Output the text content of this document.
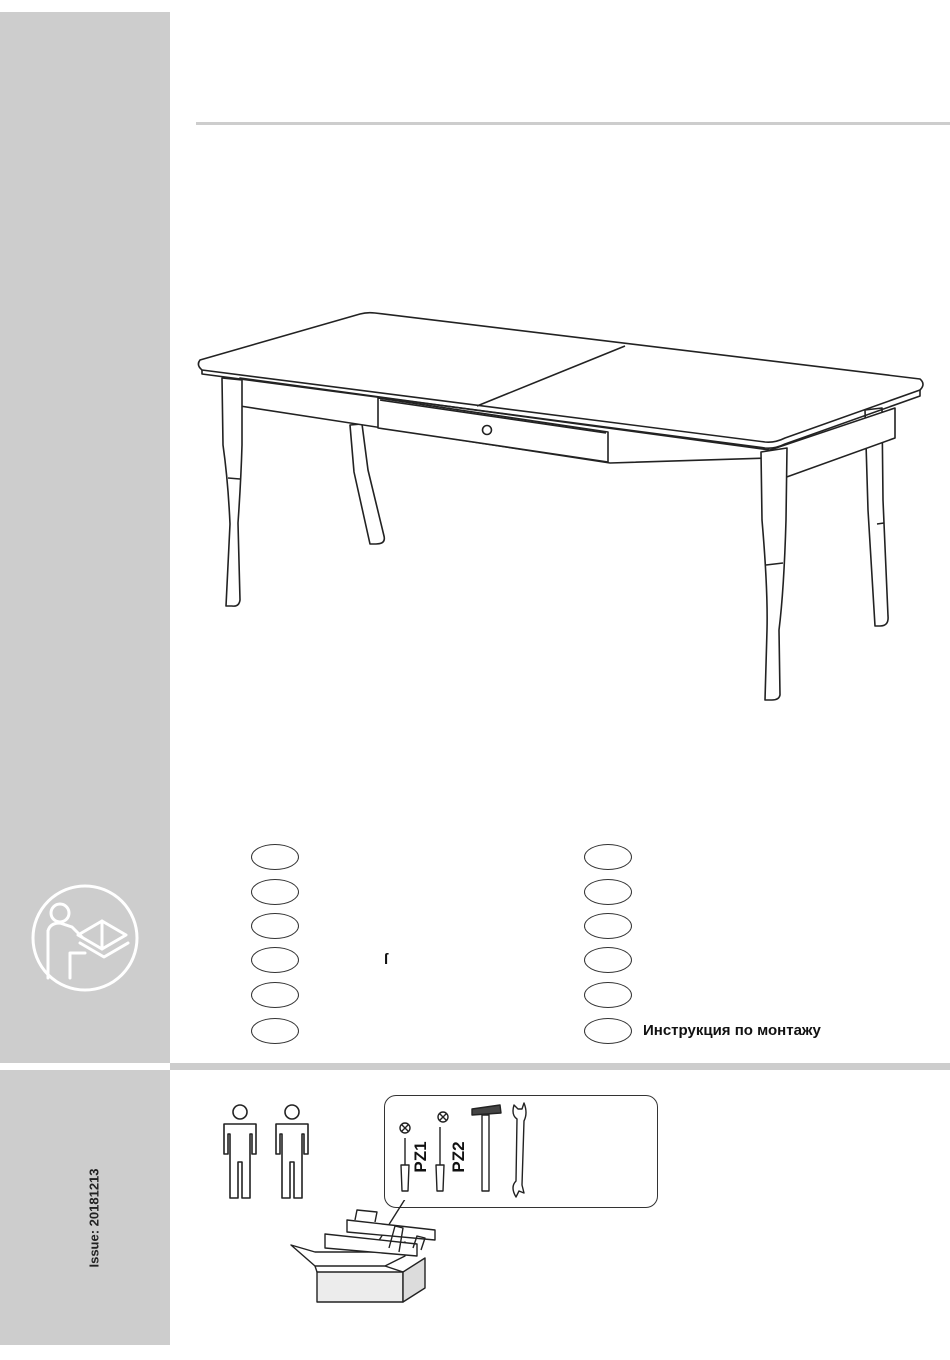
Issue: 20181213
ſ
Инструкция по монтажу
PZ1 PZ2
